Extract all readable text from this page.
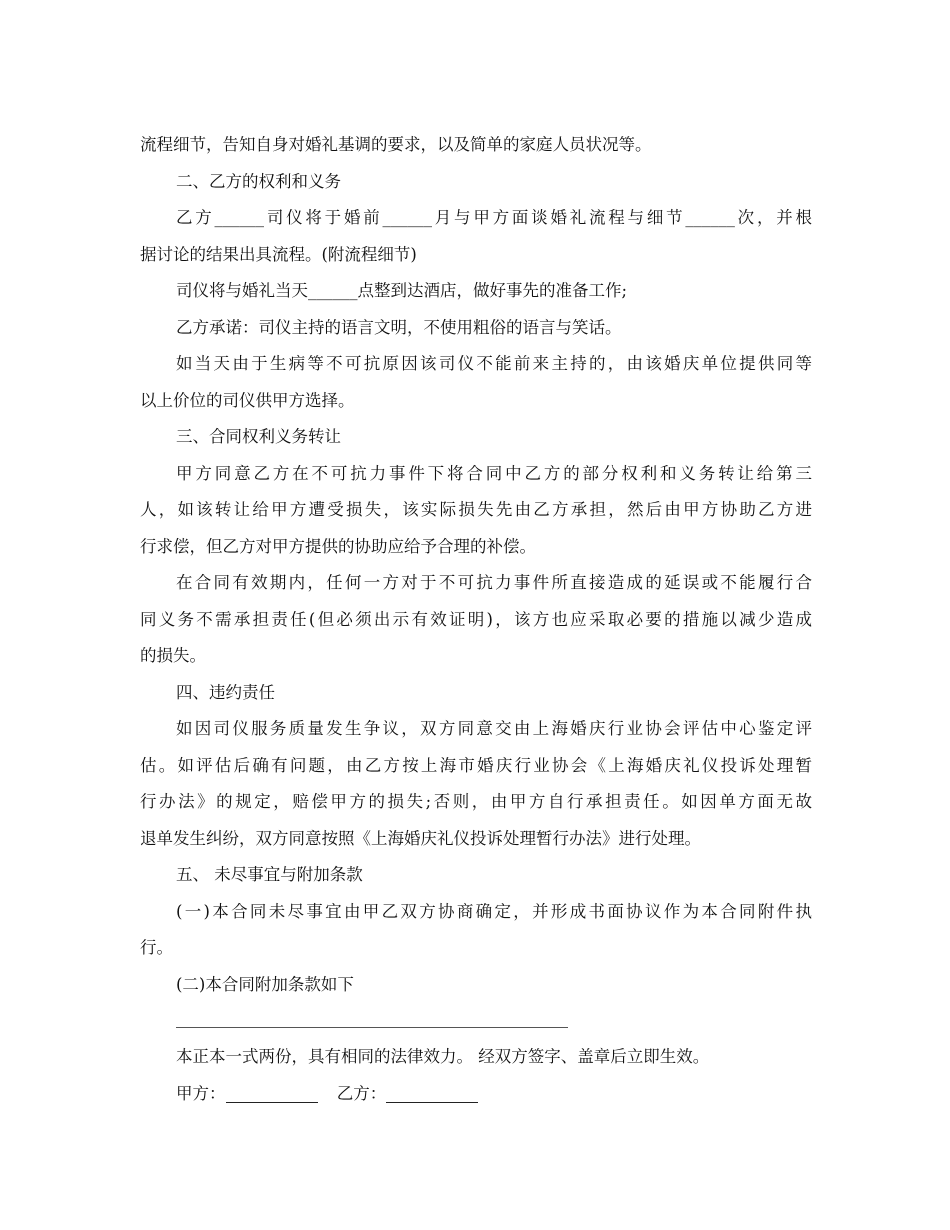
流程细节，告知自身对婚礼基调的要求，以及简单的家庭人员状况等。
二、乙方的权利和义务
乙方______司仪将于婚前______月与甲方面谈婚礼流程与细节______次，并根
据讨论的结果出具流程。(附流程细节)
司仪将与婚礼当天______点整到达酒店，做好事先的准备工作;
乙方承诺：司仪主持的语言文明，不使用粗俗的语言与笑话。
如当天由于生病等不可抗原因该司仪不能前来主持的，由该婚庆单位提供同等
以上价位的司仪供甲方选择。
三、合同权利义务转让
甲方同意乙方在不可抗力事件下将合同中乙方的部分权利和义务转让给第三
人，如该转让给甲方遭受损失，该实际损失先由乙方承担，然后由甲方协助乙方进
行求偿，但乙方对甲方提供的协助应给予合理的补偿。
在合同有效期内，任何一方对于不可抗力事件所直接造成的延误或不能履行合
同义务不需承担责任(但必须出示有效证明)，该方也应采取必要的措施以减少造成
的损失。
四、违约责任
如因司仪服务质量发生争议，双方同意交由上海婚庆行业协会评估中心鉴定评
估。如评估后确有问题，由乙方按上海市婚庆行业协会《上海婚庆礼仪投诉处理暂
行办法》的规定，赔偿甲方的损失;否则，由甲方自行承担责任。如因单方面无故
退单发生纠纷，双方同意按照《上海婚庆礼仪投诉处理暂行办法》进行处理。
五、 未尽事宜与附加条款
(一)本合同未尽事宜由甲乙双方协商确定，并形成书面协议作为本合同附件执
行。
(二)本合同附加条款如下
本正本一式两份，具有相同的法律效力。 经双方签字、盖章后立即生效。
甲方：	乙方：
